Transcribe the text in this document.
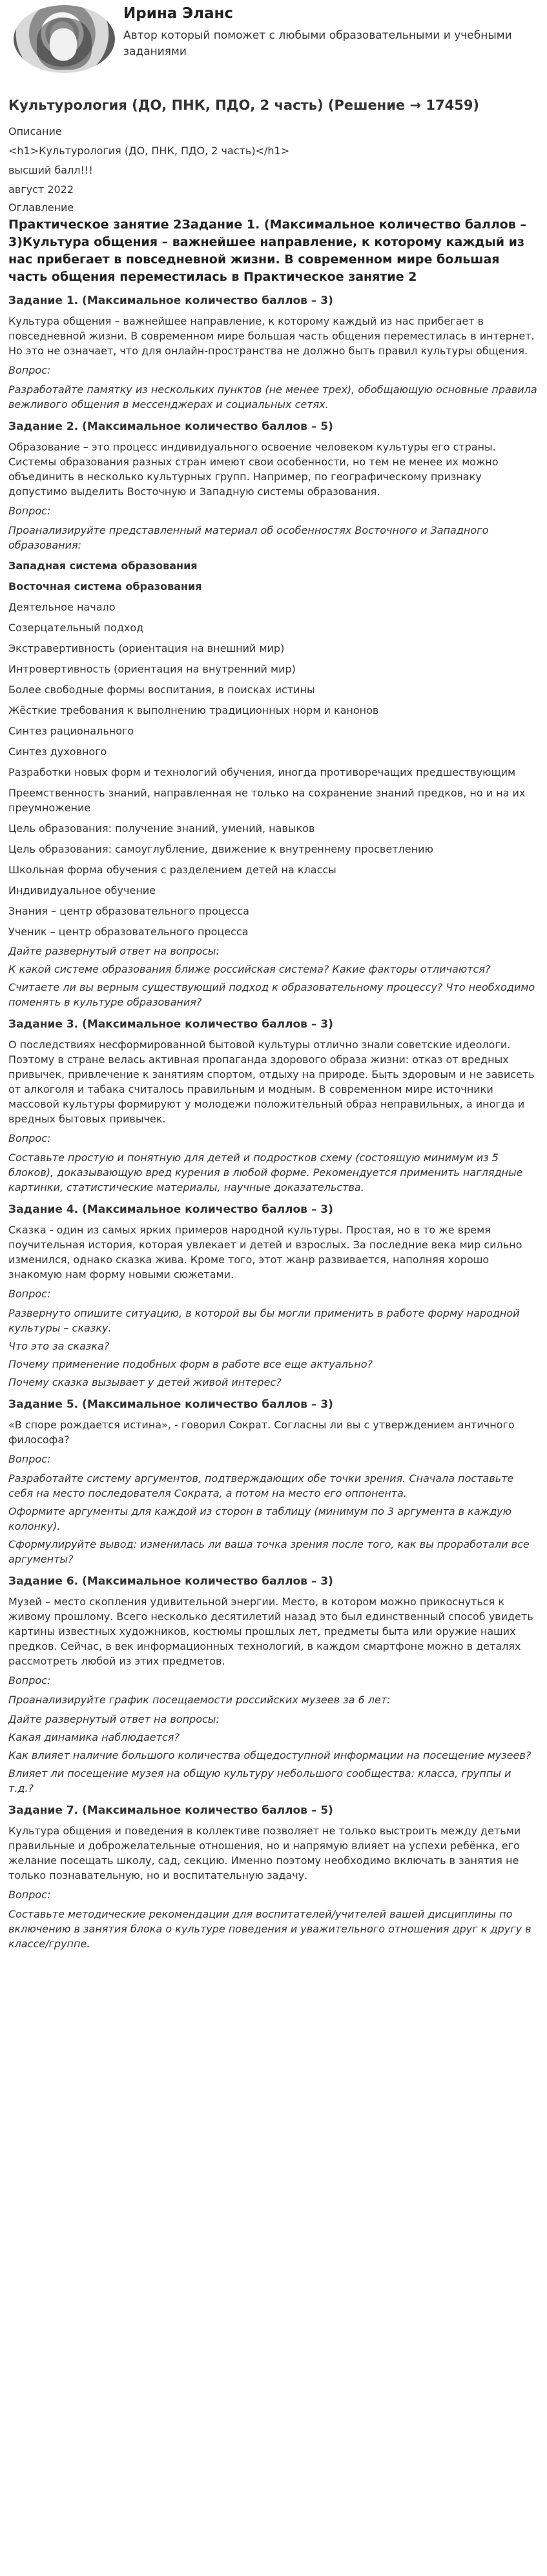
Ирина Эланс
Автор который поможет с любыми образовательными и учебными заданиями
Культурология (ДО, ПНК, ПДО, 2 часть) (Решение → 17459)
Описание
<h1>Культурология (ДО, ПНК, ПДО, 2 часть)</h1>
высший балл!!!
август 2022
Оглавление
Практическое занятие 2Задание 1. (Максимальное количество баллов – 3)Культура общения – важнейшее направление, к которому каждый из нас прибегает в повседневной жизни. В современном мире большая часть общения переместилась в Практическое занятие 2
Задание 1. (Максимальное количество баллов – 3)
Культура общения – важнейшее направление, к которому каждый из нас прибегает в повседневной жизни. В современном мире большая часть общения переместилась в интернет. Но это не означает, что для онлайн-пространства не должно быть правил культуры общения.
Вопрос:
Разработайте памятку из нескольких пунктов (не менее трех), обобщающую основные правила вежливого общения в мессенджерах и социальных сетях.
Задание 2. (Максимальное количество баллов – 5)
Образование – это процесс индивидуального освоение человеком культуры его страны. Системы образования разных стран имеют свои особенности, но тем не менее их можно объединить в несколько культурных групп. Например, по географическому признаку допустимо выделить Восточную и Западную системы образования.
Вопрос:
Проанализируйте представленный материал об особенностях Восточного и Западного образования:
Западная система образования
Восточная система образования
Деятельное начало
Созерцательный подход
Экстравертивность (ориентация на внешний мир)
Интровертивность (ориентация на внутренний мир)
Более свободные формы воспитания, в поисках истины
Жёсткие требования к выполнению традиционных норм и канонов
Синтез рационального
Синтез духовного
Разработки новых форм и технологий обучения, иногда противоречащих предшествующим
Преемственность знаний, направленная не только на сохранение знаний предков, но и на их преумножение
Цель образования: получение знаний, умений, навыков
Цель образования: самоуглубление, движение к внутреннему просветлению
Школьная форма обучения с разделением детей на классы
Индивидуальное обучение
Знания – центр образовательного процесса
Ученик – центр образовательного процесса
Дайте развернутый ответ на вопросы:
К какой системе образования ближе российская система? Какие факторы отличаются?
Считаете ли вы верным существующий подход к образовательному процессу? Что необходимо поменять в культуре образования?
Задание 3. (Максимальное количество баллов – 3)
О последствиях несформированной бытовой культуры отлично знали советские идеологи. Поэтому в стране велась активная пропаганда здорового образа жизни: отказ от вредных привычек, привлечение к занятиям спортом, отдыху на природе. Быть здоровым и не зависеть от алкоголя и табака считалось правильным и модным. В современном мире источники массовой культуры формируют у молодежи положительный образ неправильных, а иногда и вредных бытовых привычек.
Вопрос:
Составьте простую и понятную для детей и подростков схему (состоящую минимум из 5 блоков), доказывающую вред курения в любой форме. Рекомендуется применить наглядные картинки, статистические материалы, научные доказательства.
Задание 4. (Максимальное количество баллов – 3)
Сказка - один из самых ярких примеров народной культуры. Простая, но в то же время поучительная история, которая увлекает и детей и взрослых. За последние века мир сильно изменился, однако сказка жива. Кроме того, этот жанр развивается, наполняя хорошо знакомую нам форму новыми сюжетами.
Вопрос:
Развернуто опишите ситуацию, в которой вы бы могли применить в работе форму народной культуры – сказку.
Что это за сказка?
Почему применение подобных форм в работе все еще актуально?
Почему сказка вызывает у детей живой интерес?
Задание 5. (Максимальное количество баллов – 3)
«В споре рождается истина», - говорил Сократ. Согласны ли вы с утверждением античного философа?
Вопрос:
Разработайте систему аргументов, подтверждающих обе точки зрения. Сначала поставьте себя на место последователя Сократа, а потом на место его оппонента.
Оформите аргументы для каждой из сторон в таблицу (минимум по 3 аргумента в каждую колонку).
Сформулируйте вывод: изменилась ли ваша точка зрения после того, как вы проработали все аргументы?
Задание 6. (Максимальное количество баллов – 3)
Музей – место скопления удивительной энергии. Место, в котором можно прикоснуться к живому прошлому. Всего несколько десятилетий назад это был единственный способ увидеть картины известных художников, костюмы прошлых лет, предметы быта или оружие наших предков. Сейчас, в век информационных технологий, в каждом смартфоне можно в деталях рассмотреть любой из этих предметов.
Вопрос:
Проанализируйте график посещаемости российских музеев за 6 лет:
Дайте развернутый ответ на вопросы:
Какая динамика наблюдается?
Как влияет наличие большого количества общедоступной информации на посещение музеев?
Влияет ли посещение музея на общую культуру небольшого сообщества: класса, группы и т.д.?
Задание 7. (Максимальное количество баллов – 5)
Культура общения и поведения в коллективе позволяет не только выстроить между детьми правильные и доброжелательные отношения, но и напрямую влияет на успехи ребёнка, его желание посещать школу, сад, секцию. Именно поэтому необходимо включать в занятия не только познавательную, но и воспитательную задачу.
Вопрос:
Составьте методические рекомендации для воспитателей/учителей вашей дисциплины по включению в занятия блока о культуре поведения и уважительного отношения друг к другу в классе/группе.
